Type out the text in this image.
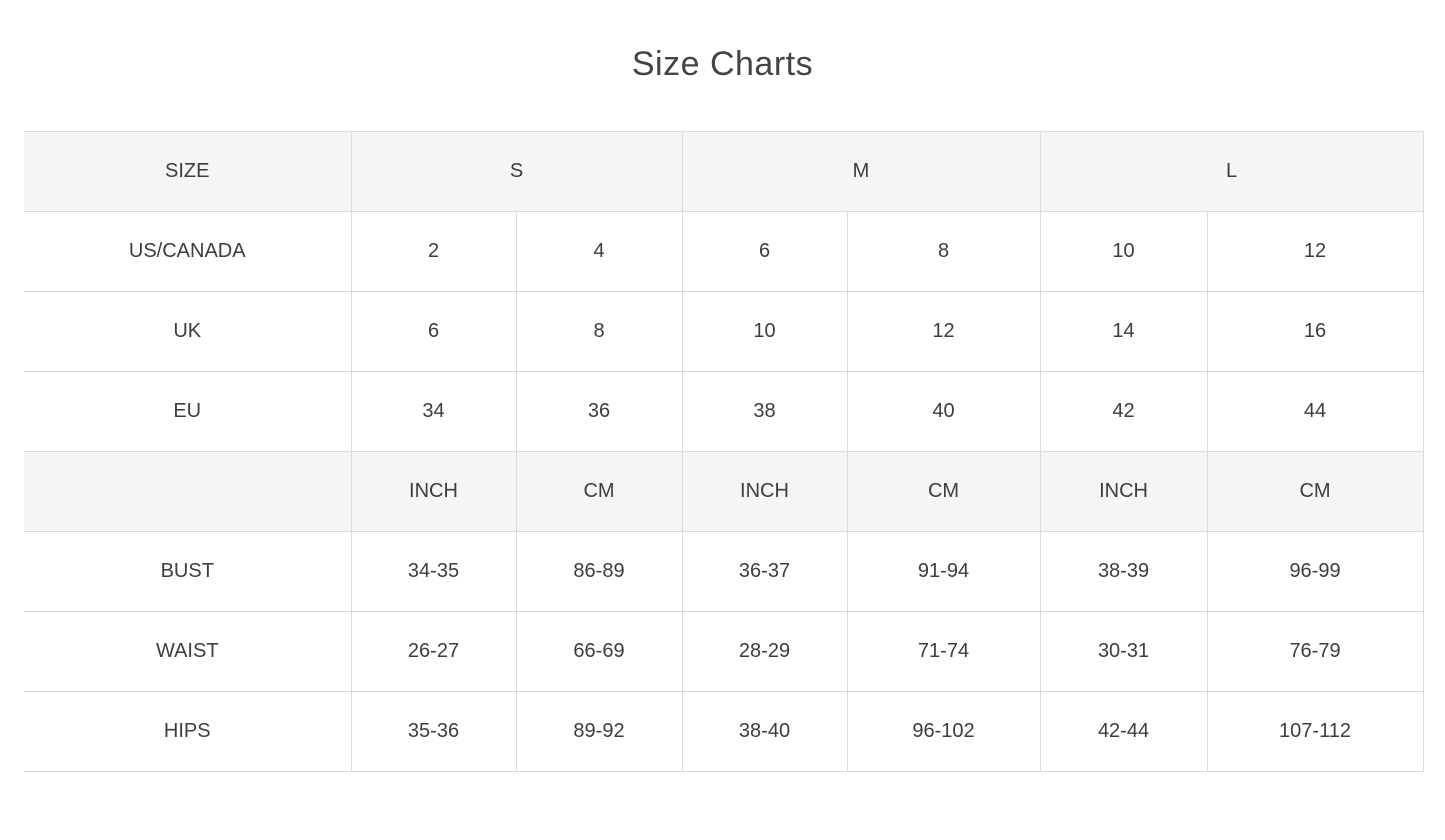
Size Charts
SIZE	S		M		L	
US/CANADA	2	4	6	8	10	12
UK	6	8	10	12	14	16
EU	34	36	38	40	42	44
	INCH	CM	INCH	CM	INCH	CM
BUST	34-35	86-89	36-37	91-94	38-39	96-99
WAIST	26-27	66-69	28-29	71-74	30-31	76-79
HIPS	35-36	89-92	38-40	96-102	42-44	107-112
